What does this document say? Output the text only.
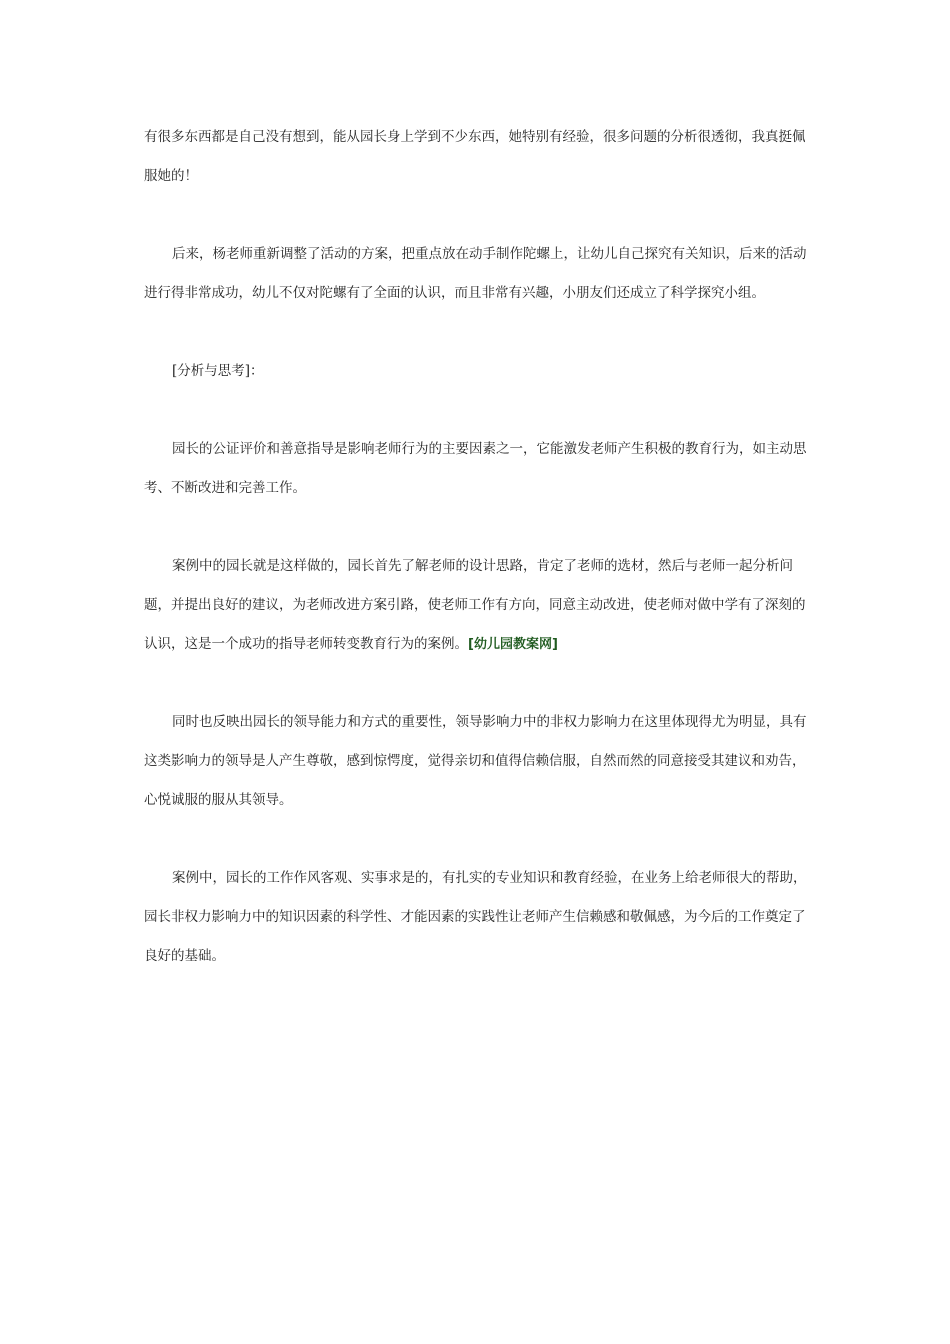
有很多东西都是自己没有想到，能从园长身上学到不少东西，她特别有经验，很多问题的分析很透彻，我真挺佩服她的！

后来，杨老师重新调整了活动的方案，把重点放在动手制作陀螺上，让幼儿自己探究有关知识，后来的活动进行得非常成功，幼儿不仅对陀螺有了全面的认识，而且非常有兴趣，小朋友们还成立了科学探究小组。

[分析与思考]：

园长的公证评价和善意指导是影响老师行为的主要因素之一，它能激发老师产生积极的教育行为，如主动思考、不断改进和完善工作。

案例中的园长就是这样做的，园长首先了解老师的设计思路，肯定了老师的选材，然后与老师一起分析问题，并提出良好的建议，为老师改进方案引路，使老师工作有方向，同意主动改进，使老师对做中学有了深刻的认识，这是一个成功的指导老师转变教育行为的案例。[幼儿园教案网]

同时也反映出园长的领导能力和方式的重要性，领导影响力中的非权力影响力在这里体现得尤为明显，具有这类影响力的领导是人产生尊敬，感到惊愕度，觉得亲切和值得信赖信服，自然而然的同意接受其建议和劝告，心悦诚服的服从其领导。

案例中，园长的工作作风客观、实事求是的，有扎实的专业知识和教育经验，在业务上给老师很大的帮助，园长非权力影响力中的知识因素的科学性、才能因素的实践性让老师产生信赖感和敬佩感，为今后的工作奠定了良好的基础。
